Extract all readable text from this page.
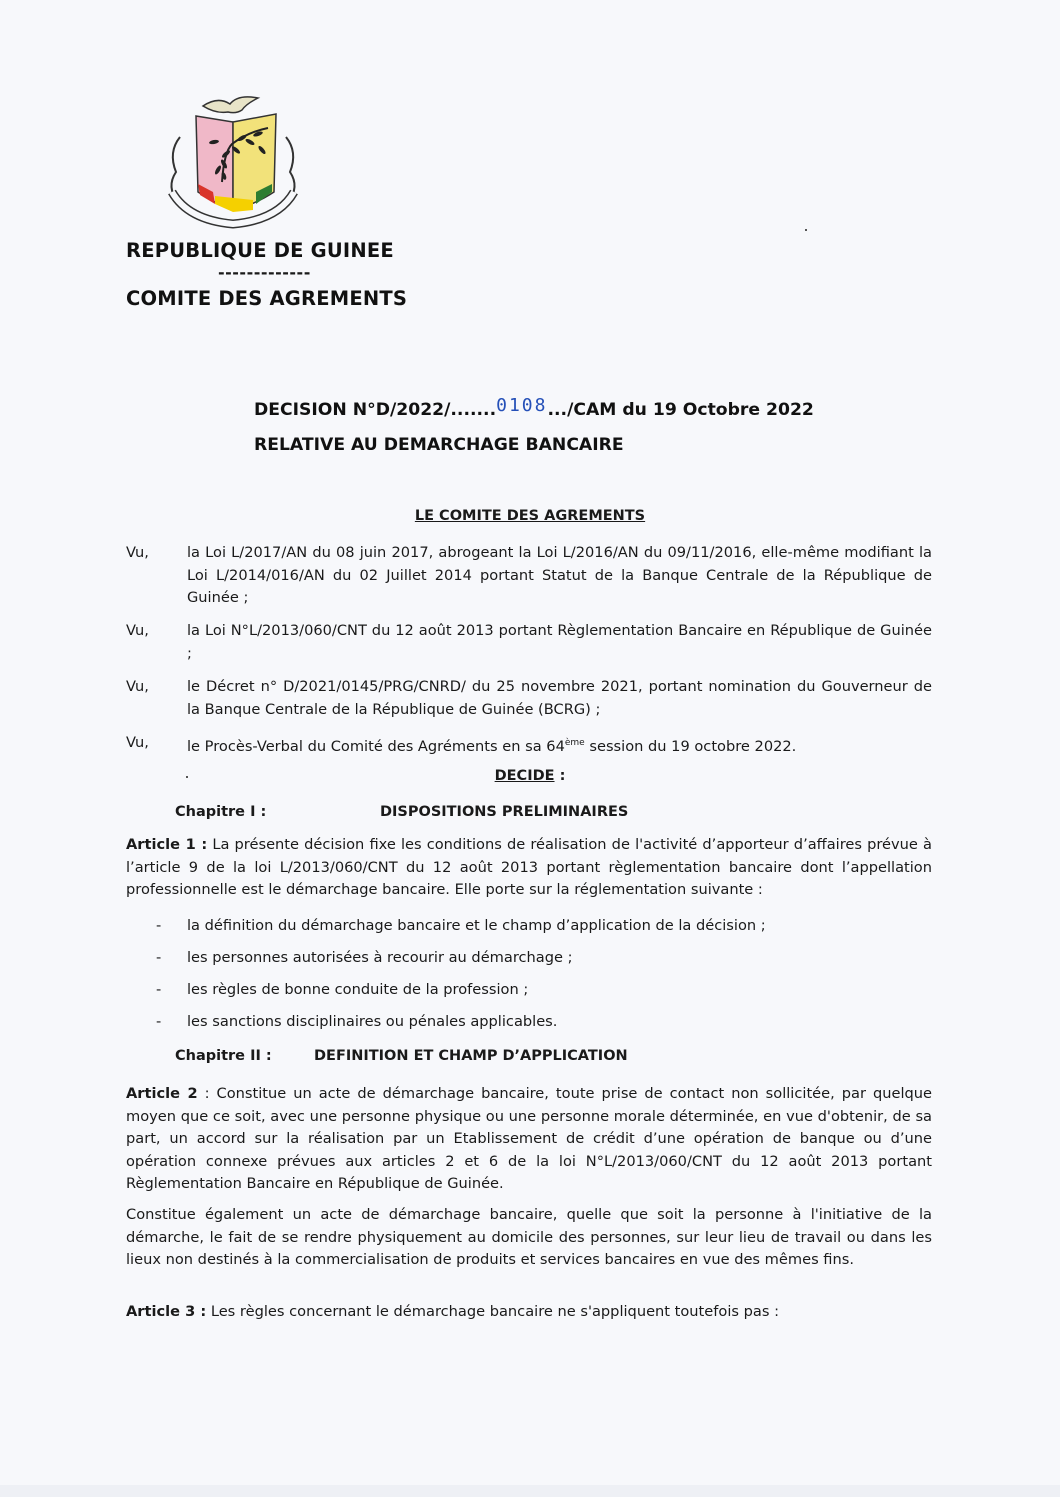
REPUBLIQUE DE GUINEE
-------------
COMITE DES AGREMENTS
DECISION N°D/2022/.......0108.../CAM du 19 Octobre 2022
RELATIVE AU DEMARCHAGE BANCAIRE
LE COMITE DES AGREMENTS
Vu,	la Loi L/2017/AN du 08 juin 2017, abrogeant la Loi L/2016/AN du 09/11/2016, elle-même modifiant la Loi L/2014/016/AN du 02 Juillet 2014 portant Statut de la Banque Centrale de la République de Guinée ;
Vu,	la Loi N°L/2013/060/CNT du 12 août 2013 portant Règlementation Bancaire en République de Guinée ;
Vu,	le Décret n° D/2021/0145/PRG/CNRD/ du 25 novembre 2021, portant nomination du Gouverneur de la Banque Centrale de la République de Guinée (BCRG) ;
Vu,	le Procès-Verbal du Comité des Agréments en sa 64ème session du 19 octobre 2022.
DECIDE :
Chapitre I :	DISPOSITIONS PRELIMINAIRES
Article 1 : La présente décision fixe les conditions de réalisation de l'activité d’apporteur d’affaires prévue à l’article 9 de la loi L/2013/060/CNT du 12 août 2013 portant règlementation bancaire dont l’appellation professionnelle est le démarchage bancaire. Elle porte sur la réglementation suivante :
- la définition du démarchage bancaire et le champ d’application de la décision ;
- les personnes autorisées à recourir au démarchage ;
- les règles de bonne conduite de la profession ;
- les sanctions disciplinaires ou pénales applicables.
Chapitre II :	DEFINITION ET CHAMP D’APPLICATION
Article 2 : Constitue un acte de démarchage bancaire, toute prise de contact non sollicitée, par quelque moyen que ce soit, avec une personne physique ou une personne morale déterminée, en vue d'obtenir, de sa part, un accord sur la réalisation par un Etablissement de crédit d’une opération de banque ou d’une opération connexe prévues aux articles 2 et 6 de la loi N°L/2013/060/CNT du 12 août 2013 portant Règlementation Bancaire en République de Guinée.
Constitue également un acte de démarchage bancaire, quelle que soit la personne à l'initiative de la démarche, le fait de se rendre physiquement au domicile des personnes, sur leur lieu de travail ou dans les lieux non destinés à la commercialisation de produits et services bancaires en vue des mêmes fins.
Article 3 : Les règles concernant le démarchage bancaire ne s'appliquent toutefois pas :
